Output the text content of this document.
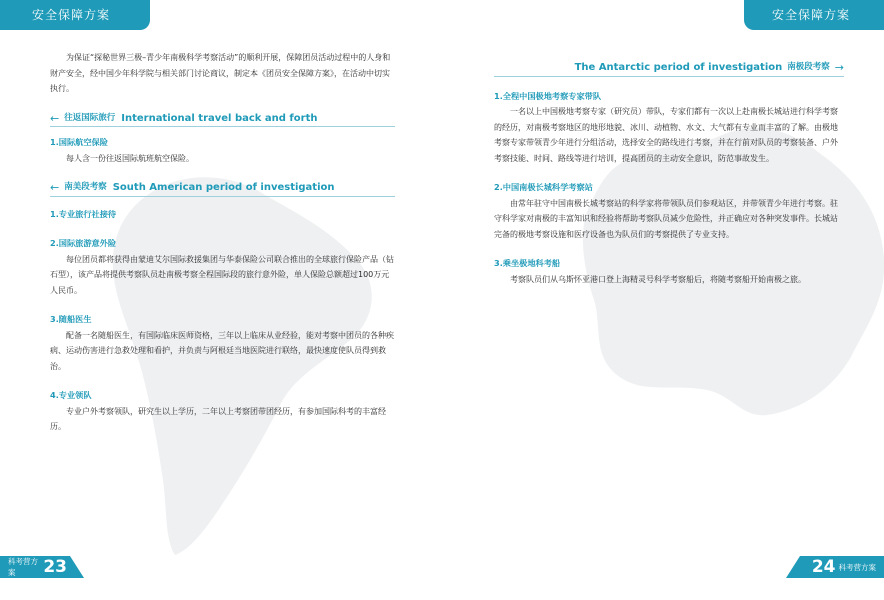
安全保障方案

为保证“探秘世界三极–青少年南极科学考察活动”的顺利开展，保障团员活动过程中的人身和财产安全，经中国少年科学院与相关部门讨论商议，制定本《团员安全保障方案》，在活动中切实执行。

← 往返国际旅行 International travel back and forth

1.国际航空保险

每人含一份往返国际航班航空保险。

← 南美段考察 South American period of investigation

1.专业旅行社接待

2.国际旅游意外险

每位团员都将获得由蒙迪艾尔国际救援集团与华泰保险公司联合推出的全球旅行保险产品（钻石型），该产品将提供考察队员赴南极考察全程国际段的旅行意外险，单人保险总额超过100万元人民币。

3.随船医生

配备一名随船医生，有国际临床医师资格，三年以上临床从业经验，能对考察中团员的各种疾病、运动伤害进行急救处理和看护，并负责与阿根廷当地医院进行联络，最快速度使队员得到救治。

4.专业领队

专业户外考察领队，研究生以上学历，二年以上考察团带团经历，有参加国际科考的丰富经历。

科考营方案	23
安全保障方案
The Antarctic period of investigation 南极段考察 →

1.全程中国极地考察专家带队

一名以上中国极地考察专家（研究员）带队，专家们都有一次以上赴南极长城站进行科学考察的经历，对南极考察地区的地形地貌、冰川、动植物、水文、大气都有专业而丰富的了解。由极地考察专家带领青少年进行分组活动，选择安全的路线进行考察，并在行前对队员的考察装备、户外考察技能、时间、路线等进行培训，提高团员的主动安全意识，防范事故发生。

2.中国南极长城科学考察站

由常年驻守中国南极长城考察站的科学家将带领队员们参观站区，并带领青少年进行考察。驻守科学家对南极的丰富知识和经验将帮助考察队员减少危险性，并正确应对各种突发事件。长城站完备的极地考察设施和医疗设备也为队员们的考察提供了专业支持。

3.乘坐极地科考船

考察队员们从乌斯怀亚港口登上海精灵号科学考察船后，将随考察船开始南极之旅。

24 科考营方案
